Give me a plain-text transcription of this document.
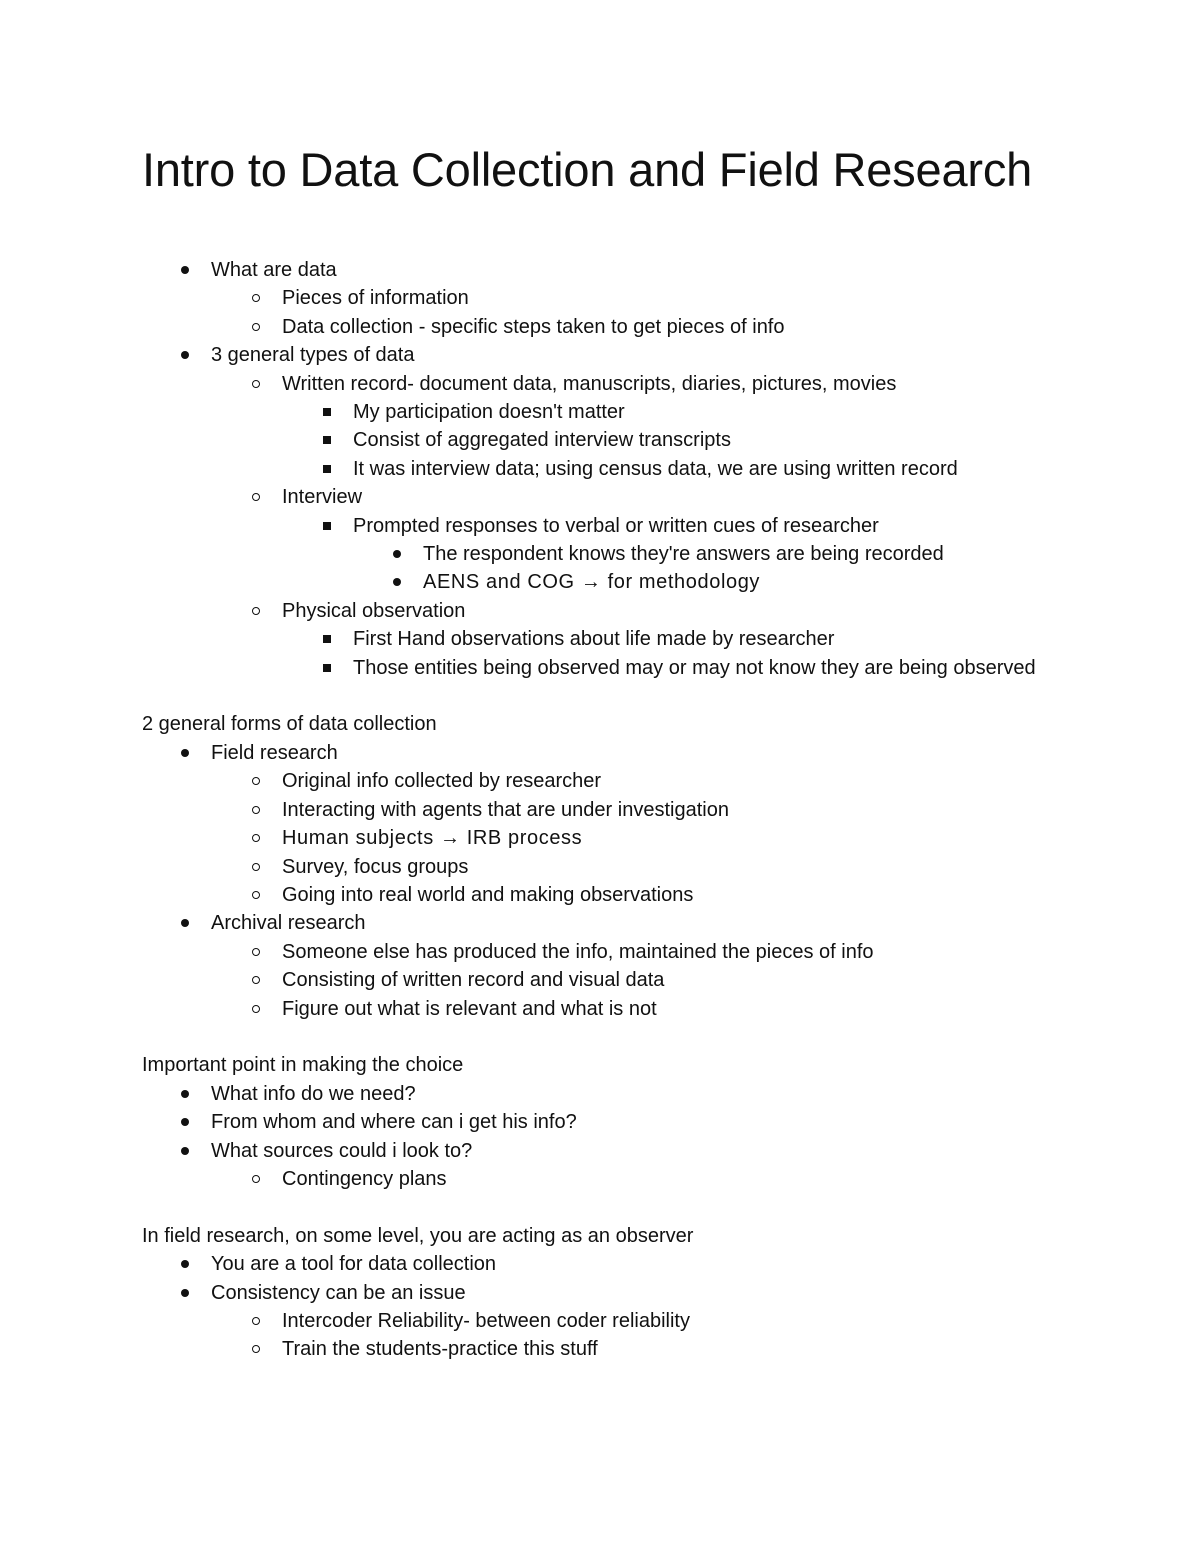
Intro to Data Collection and Field Research
What are data
Pieces of information
Data collection - specific steps taken to get pieces of info
3 general types of data
Written record- document data, manuscripts, diaries, pictures, movies
My participation doesn't matter
Consist of aggregated interview transcripts
It was interview data; using census data, we are using written record
Interview
Prompted responses to verbal or written cues of researcher
The respondent knows they're answers are being recorded
AENS and COG → for methodology
Physical observation
First Hand observations about life made by researcher
Those entities being observed may or may not know they are being observed

2 general forms of data collection

Field research
Original info collected by researcher
Interacting with agents that are under investigation
Human subjects → IRB process
Survey, focus groups
Going into real world and making observations
Archival research
Someone else has produced the info, maintained the pieces of info
Consisting of written record and visual data
Figure out what is relevant and what is not

Important point in making the choice

What info do we need?
From whom and where can i get his info?
What sources could i look to?
Contingency plans

In field research, on some level, you are acting as an observer

You are a tool for data collection
Consistency can be an issue
Intercoder Reliability- between coder reliability
Train the students-practice this stuff
